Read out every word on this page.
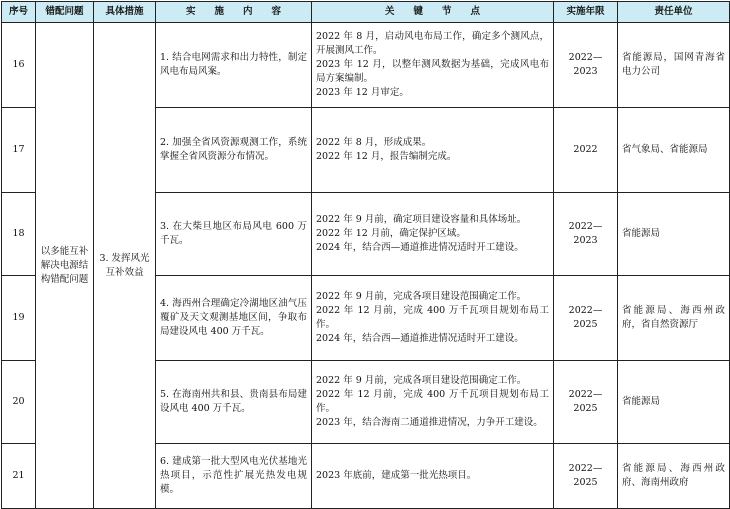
序号	错配问题	具体措施	实　　施　　内　　容	关　　键　　节　　点	实施年限	责任单位
16	以多能互补解决电源结构错配问题	3. 发挥风光互补效益	1. 结合电网需求和出力特性，制定风电布局风案。	2022 年 8 月，启动风电布局工作，确定多个测风点，开展测风工作。
2023 年 12 月，以整年测风数据为基础，完成风电布局方案编制。
2023 年 12 月审定。	2022—2023	省能源局，国网青海省电力公司
17			2. 加强全省风资源观测工作，系统掌握全省风资源分布情况。	2022 年 8 月，形成成果。
2022 年 12 月，报告编制完成。	2022	省气象局、省能源局
18			3. 在大柴旦地区布局风电 600 万千瓦。	2022 年 9 月前，确定项目建设容量和具体场址。
2022 年 12 月前，确定保护区域。
2024 年，结合西—通道推进情况适时开工建设。	2022—2023	省能源局
19			4. 海西州合理确定冷湖地区油气压覆矿及天文观测基地区间，争取布局建设风电 400 万千瓦。	2022 年 9 月前，完成各项目建设范围确定工作。
2022 年 12 月前，完成 400 万千瓦项目规划布局工作。
2024 年，结合西—通道推进情况适时开工建设。	2022—2025	省能源局、海西州政府，省自然资源厅
20			5. 在海南州共和县、贵南县布局建设风电 400 万千瓦。	2022 年 9 月前，完成各项目建设范围确定工作。
2022 年 12 月前，完成 400 万千瓦项目规划布局工作。
2023 年，结合海南二通道推进情况，力争开工建设。	2022—2025	省能源局
21			6. 建成第一批大型风电光伏基地光热项目，示范性扩展光热发电规模。	2023 年底前，建成第一批光热项目。	2022—2025	省能源局、海西州政府、海南州政府
